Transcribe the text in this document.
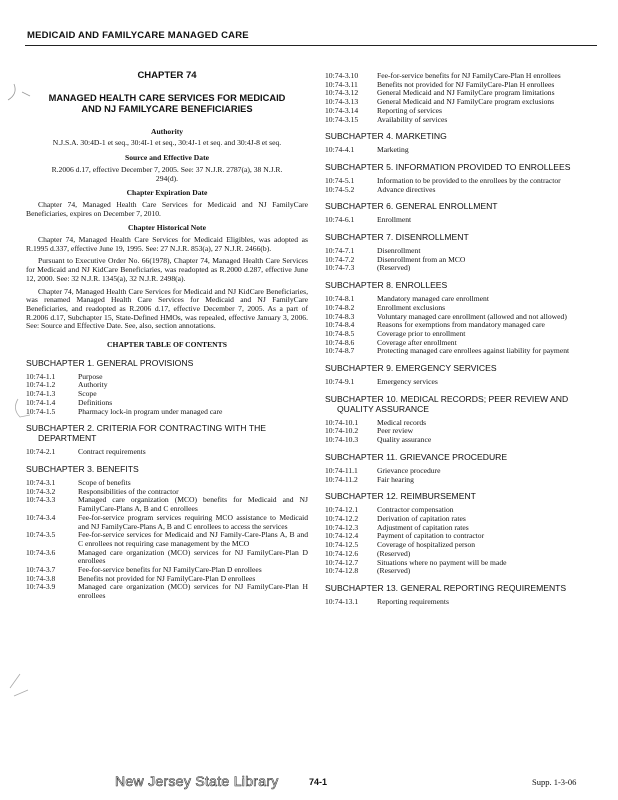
MEDICAID AND FAMILYCARE MANAGED CARE
CHAPTER 74
MANAGED HEALTH CARE SERVICES FOR MEDICAID AND NJ FAMILYCARE BENEFICIARIES
Authority
N.J.S.A. 30:4D-1 et seq., 30:4I-1 et seq., 30:4J-1 et seq. and 30:4J-8 et seq.
Source and Effective Date
R.2006 d.17, effective December 7, 2005. See: 37 N.J.R. 2787(a), 38 N.J.R. 294(d).
Chapter Expiration Date
Chapter 74, Managed Health Care Services for Medicaid and NJ FamilyCare Beneficiaries, expires on December 7, 2010.
Chapter Historical Note
Chapter 74, Managed Health Care Services for Medicaid Eligibles, was adopted as R.1995 d.337, effective June 19, 1995. See: 27 N.J.R. 853(a), 27 N.J.R. 2466(b).
Pursuant to Executive Order No. 66(1978), Chapter 74, Managed Health Care Services for Medicaid and NJ KidCare Beneficiaries, was readopted as R.2000 d.287, effective June 12, 2000. See: 32 N.J.R. 1345(a), 32 N.J.R. 2498(a).
Chapter 74, Managed Health Care Services for Medicaid and NJ KidCare Beneficiaries, was renamed Managed Health Care Services for Medicaid and NJ FamilyCare Beneficiaries, and readopted as R.2006 d.17, effective December 7, 2005. As a part of R.2006 d.17, Subchapter 15, State-Defined HMOs, was repealed, effective January 3, 2006. See: Source and Effective Date. See, also, section annotations.
CHAPTER TABLE OF CONTENTS
SUBCHAPTER 1. GENERAL PROVISIONS
10:74-1.1	Purpose
10:74-1.2	Authority
10:74-1.3	Scope
10:74-1.4	Definitions
10:74-1.5	Pharmacy lock-in program under managed care
SUBCHAPTER 2. CRITERIA FOR CONTRACTING WITH THE DEPARTMENT
10:74-2.1	Contract requirements
SUBCHAPTER 3. BENEFITS
10:74-3.1	Scope of benefits
10:74-3.2	Responsibilities of the contractor
10:74-3.3	Managed care organization (MCO) benefits for Medicaid and NJ FamilyCare-Plans A, B and C enrollees
10:74-3.4	Fee-for-service program services requiring MCO assistance to Medicaid and NJ FamilyCare-Plans A, B and C enrollees to access the services
10:74-3.5	Fee-for-service services for Medicaid and NJ Family-Care-Plans A, B and C enrollees not requiring case management by the MCO
10:74-3.6	Managed care organization (MCO) services for NJ FamilyCare-Plan D enrollees
10:74-3.7	Fee-for-service benefits for NJ FamilyCare-Plan D enrollees
10:74-3.8	Benefits not provided for NJ FamilyCare-Plan D enrollees
10:74-3.9	Managed care organization (MCO) services for NJ FamilyCare-Plan H enrollees
10:74-3.10	Fee-for-service benefits for NJ FamilyCare-Plan H enrollees
10:74-3.11	Benefits not provided for NJ FamilyCare-Plan H enrollees
10:74-3.12	General Medicaid and NJ FamilyCare program limitations
10:74-3.13	General Medicaid and NJ FamilyCare program exclusions
10:74-3.14	Reporting of services
10:74-3.15	Availability of services
SUBCHAPTER 4. MARKETING
10:74-4.1	Marketing
SUBCHAPTER 5. INFORMATION PROVIDED TO ENROLLEES
10:74-5.1	Information to be provided to the enrollees by the contractor
10:74-5.2	Advance directives
SUBCHAPTER 6. GENERAL ENROLLMENT
10:74-6.1	Enrollment
SUBCHAPTER 7. DISENROLLMENT
10:74-7.1	Disenrollment
10:74-7.2	Disenrollment from an MCO
10:74-7.3	(Reserved)
SUBCHAPTER 8. ENROLLEES
10:74-8.1	Mandatory managed care enrollment
10:74-8.2	Enrollment exclusions
10:74-8.3	Voluntary managed care enrollment (allowed and not allowed)
10:74-8.4	Reasons for exemptions from mandatory managed care
10:74-8.5	Coverage prior to enrollment
10:74-8.6	Coverage after enrollment
10:74-8.7	Protecting managed care enrollees against liability for payment
SUBCHAPTER 9. EMERGENCY SERVICES
10:74-9.1	Emergency services
SUBCHAPTER 10. MEDICAL RECORDS; PEER REVIEW AND QUALITY ASSURANCE
10:74-10.1	Medical records
10:74-10.2	Peer review
10:74-10.3	Quality assurance
SUBCHAPTER 11. GRIEVANCE PROCEDURE
10:74-11.1	Grievance procedure
10:74-11.2	Fair hearing
SUBCHAPTER 12. REIMBURSEMENT
10:74-12.1	Contractor compensation
10:74-12.2	Derivation of capitation rates
10:74-12.3	Adjustment of capitation rates
10:74-12.4	Payment of capitation to contractor
10:74-12.5	Coverage of hospitalized person
10:74-12.6	(Reserved)
10:74-12.7	Situations where no payment will be made
10:74-12.8	(Reserved)
SUBCHAPTER 13. GENERAL REPORTING REQUIREMENTS
10:74-13.1	Reporting requirements
New Jersey State Library	74-1	Supp. 1-3-06
